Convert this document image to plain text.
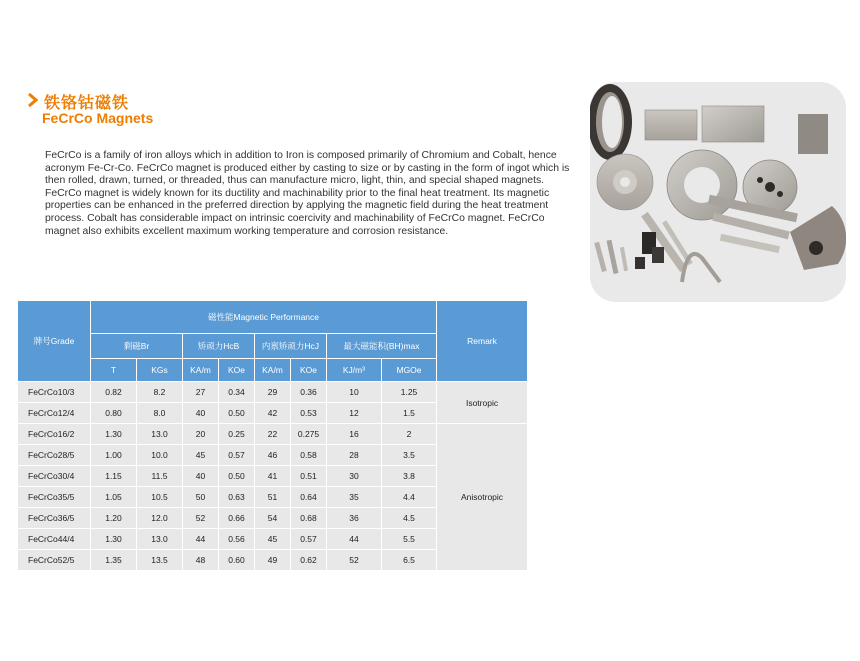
铁铬钴磁铁
FeCrCo Magnets

FeCrCo is a family of iron alloys which in addition to Iron is composed primarily of Chromium and Cobalt, hence acronym Fe-Cr-Co. FeCrCo magnet is produced either by casting to size or by casting in the form of ingot which is then rolled, drawn, turned, or threaded, thus can manufacture micro, light, thin, and special shaped magnets. FeCrCo magnet is widely known for its ductility and machinability prior to the final heat treatment. Its magnetic properties can be enhanced in the preferred direction by applying the magnetic field during the heat treatment process. Cobalt has considerable impact on intrinsic coercivity and machinability of FeCrCo magnet. FeCrCo magnet also exhibits excellent maximum working temperature and corrosion resistance.

牌号Grade	磁性能Magnetic Performance								Remark
	剩磁Br		矫顽力HcB		内禀矫顽力HcJ		最大磁能积(BH)max		
	T	KGs	KA/m	KOe	KA/m	KOe	KJ/m³	MGOe	
FeCrCo10/3	0.82	8.2	27	0.34	29	0.36	10	1.25	Isotropic
FeCrCo12/4	0.80	8.0	40	0.50	42	0.53	12	1.5	
FeCrCo16/2	1.30	13.0	20	0.25	22	0.275	16	2	Anisotropic
FeCrCo28/5	1.00	10.0	45	0.57	46	0.58	28	3.5	
FeCrCo30/4	1.15	11.5	40	0.50	41	0.51	30	3.8	
FeCrCo35/5	1.05	10.5	50	0.63	51	0.64	35	4.4	
FeCrCo36/5	1.20	12.0	52	0.66	54	0.68	36	4.5	
FeCrCo44/4	1.30	13.0	44	0.56	45	0.57	44	5.5	
FeCrCo52/5	1.35	13.5	48	0.60	49	0.62	52	6.5	
